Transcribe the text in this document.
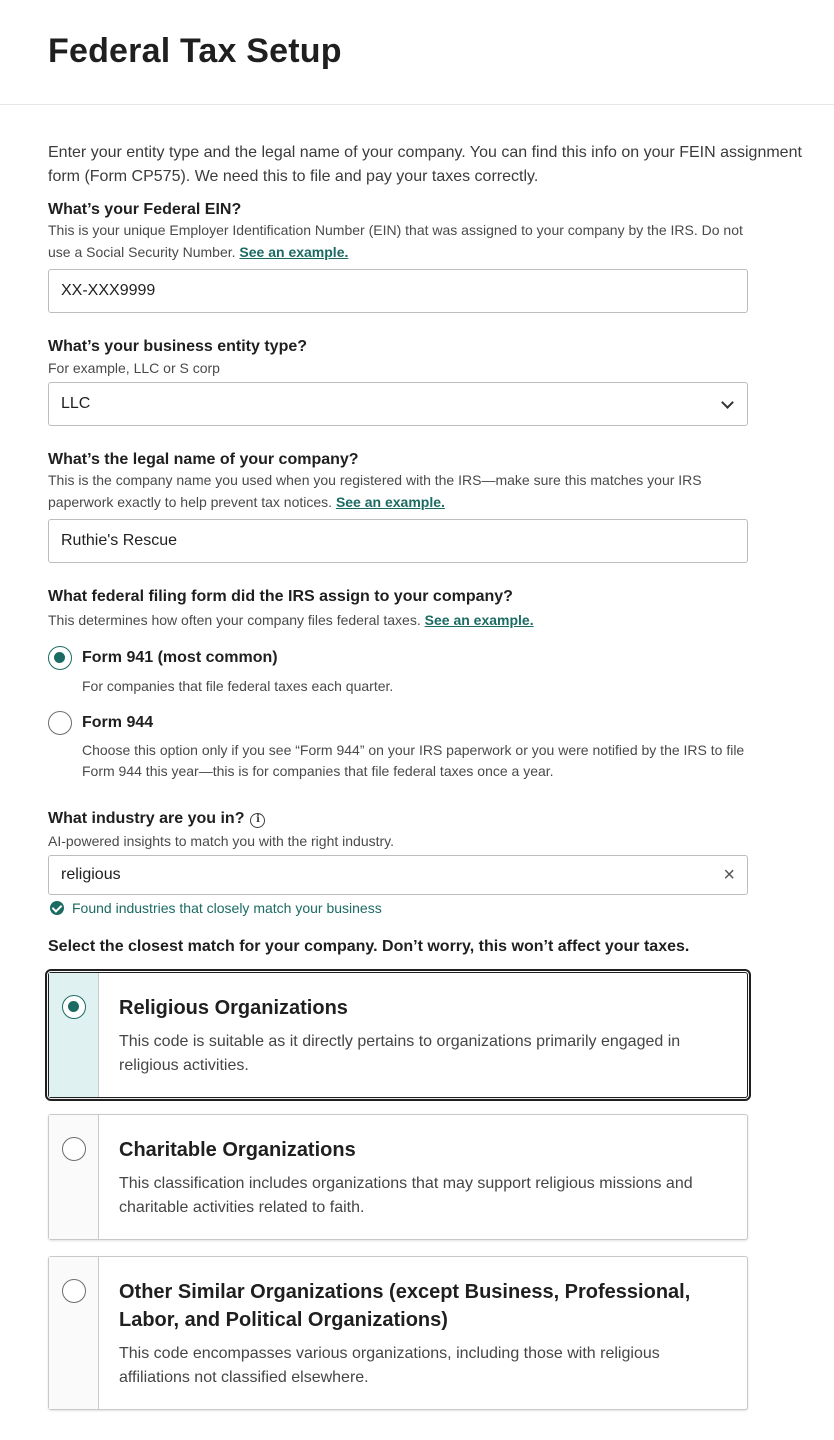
Federal Tax Setup

Enter your entity type and the legal name of your company. You can find this info on your FEIN assignment form (Form CP575). We need this to file and pay your taxes correctly.

What’s your Federal EIN?
This is your unique Employer Identification Number (EIN) that was assigned to your company by the IRS. Do not use a Social Security Number. See an example.
XX-XXX9999
What’s your business entity type?
For example, LLC or S corp
LLC
What’s the legal name of your company?
This is the company name you used when you registered with the IRS—make sure this matches your IRS paperwork exactly to help prevent tax notices. See an example.
Ruthie's Rescue
What federal filing form did the IRS assign to your company?
This determines how often your company files federal taxes. See an example.
Form 941 (most common)
For companies that file federal taxes each quarter.
Form 944
Choose this option only if you see “Form 944” on your IRS paperwork or you were notified by the IRS to file Form 944 this year—this is for companies that file federal taxes once a year.
What industry are you in? i
AI-powered insights to match you with the right industry.
religious	×
Found industries that closely match your business
Select the closest match for your company. Don’t worry, this won’t affect your taxes.
Religious Organizations
This code is suitable as it directly pertains to organizations primarily engaged in religious activities.
Charitable Organizations
This classification includes organizations that may support religious missions and charitable activities related to faith.
Other Similar Organizations (except Business, Professional, Labor, and Political Organizations)
This code encompasses various organizations, including those with religious affiliations not classified elsewhere.
